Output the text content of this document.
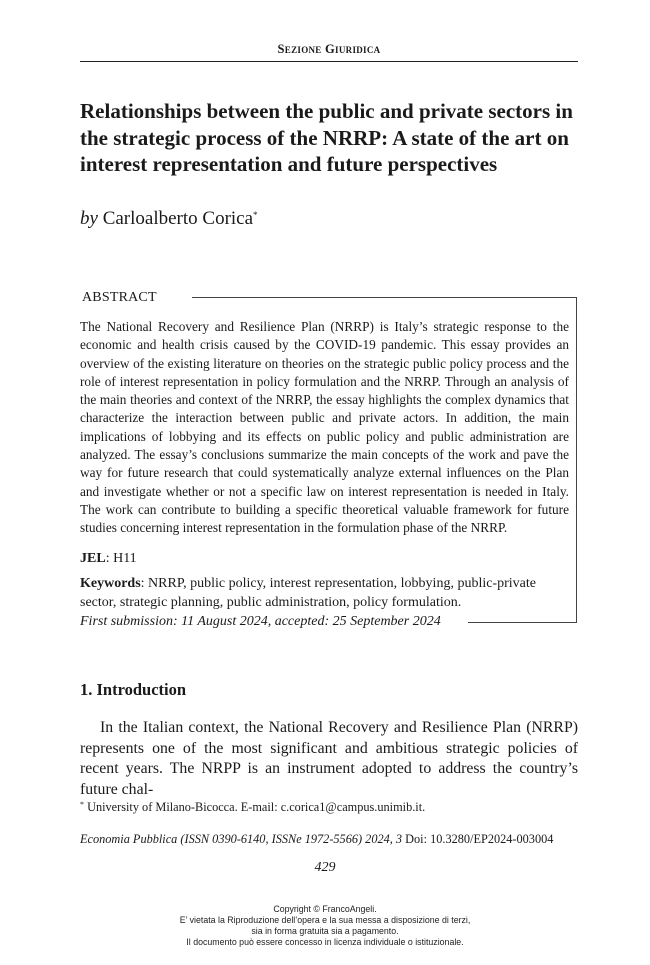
Sezione Giuridica
Relationships between the public and private sectors in the strategic process of the NRRP: A state of the art on interest representation and future perspectives
by Carloalberto Corica*
ABSTRACT
The National Recovery and Resilience Plan (NRRP) is Italy’s strategic response to the economic and health crisis caused by the COVID-19 pandemic. This essay provides an overview of the existing literature on theories on the strategic public policy process and the role of interest representation in policy formulation and the NRRP. Through an analysis of the main theories and context of the NRRP, the essay highlights the complex dynamics that characterize the interaction between public and private actors. In addition, the main implications of lobbying and its effects on public policy and public administration are analyzed. The essay’s conclusions summarize the main concepts of the work and pave the way for future research that could systematically analyze external influences on the Plan and investigate whether or not a specific law on interest representation is needed in Italy. The work can contribute to building a specific theoretical valuable framework for future studies concerning interest representation in the formulation phase of the NRRP.
JEL: H11
Keywords: NRRP, public policy, interest representation, lobbying, public-private sector, strategic planning, public administration, policy formulation.
First submission: 11 August 2024, accepted: 25 September 2024
1. Introduction
In the Italian context, the National Recovery and Resilience Plan (NRRP) represents one of the most significant and ambitious strategic policies of recent years. The NRPP is an instrument adopted to address the country’s future chal-
* University of Milano-Bicocca. E-mail: c.corica1@campus.unimib.it.
Economia Pubblica (ISSN 0390-6140, ISSNe 1972-5566) 2024, 3 Doi: 10.3280/EP2024-003004
429
Copyright © FrancoAngeli.
E’ vietata la Riproduzione dell’opera e la sua messa a disposizione di terzi,
sia in forma gratuita sia a pagamento.
Il documento può essere concesso in licenza individuale o istituzionale.
